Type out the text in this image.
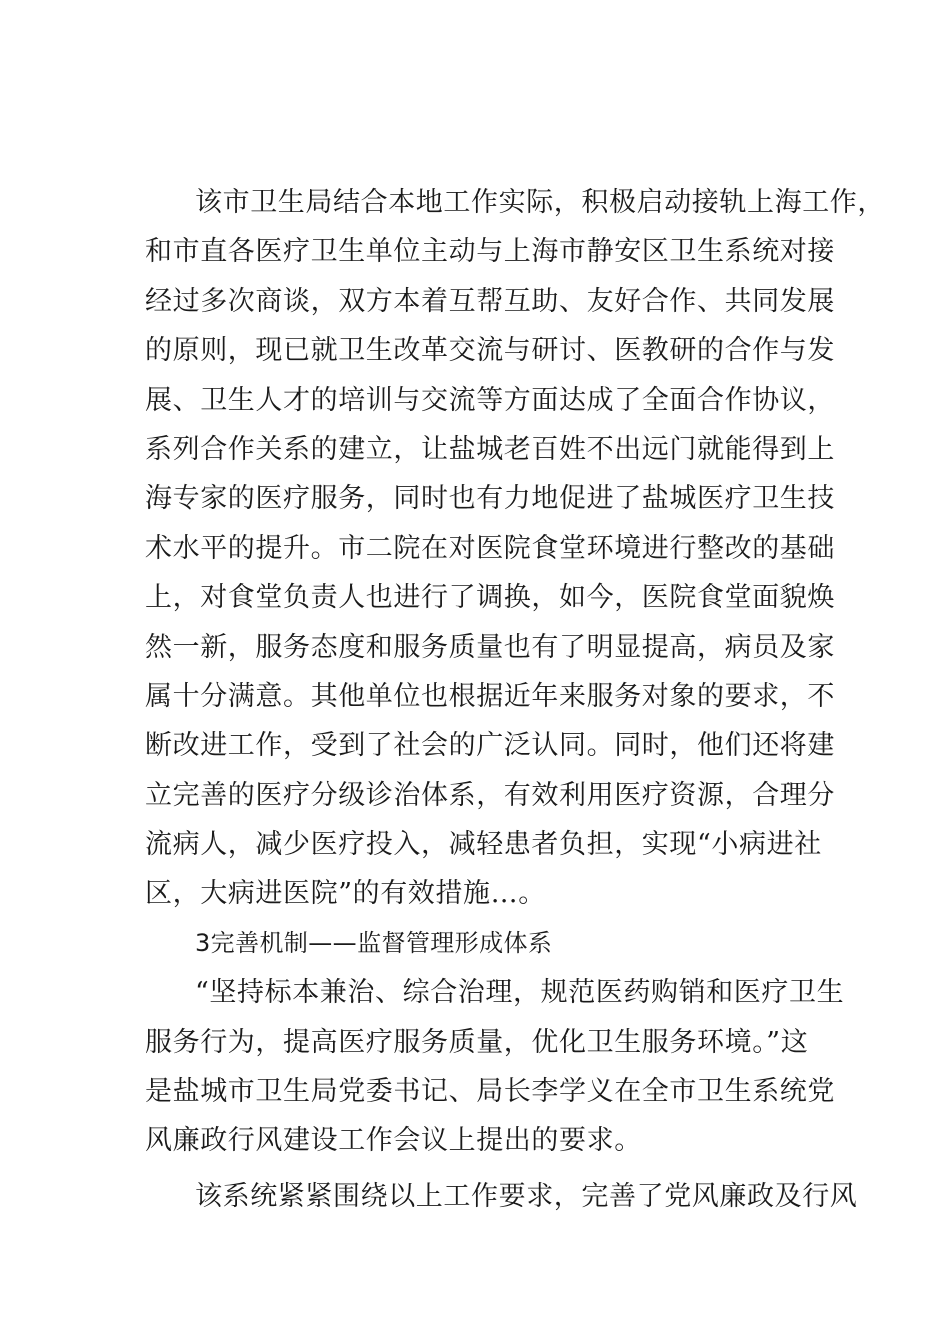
该市卫生局结合本地工作实际，积极启动接轨上海工作，
和市直各医疗卫生单位主动与上海市静安区卫生系统对接
经过多次商谈，双方本着互帮互助、友好合作、共同发展
的原则，现已就卫生改革交流与研讨、医教研的合作与发
展、卫生人才的培训与交流等方面达成了全面合作协议，
系列合作关系的建立，让盐城老百姓不出远门就能得到上
海专家的医疗服务，同时也有力地促进了盐城医疗卫生技
术水平的提升。市二院在对医院食堂环境进行整改的基础
上，对食堂负责人也进行了调换，如今，医院食堂面貌焕
然一新，服务态度和服务质量也有了明显提高，病员及家
属十分满意。其他单位也根据近年来服务对象的要求，不
断改进工作，受到了社会的广泛认同。同时，他们还将建
立完善的医疗分级诊治体系，有效利用医疗资源，合理分
流病人，减少医疗投入，减轻患者负担，实现“小病进社
区，大病进医院”的有效措施…。
3完善机制——监督管理形成体系
“坚持标本兼治、综合治理，规范医药购销和医疗卫生
服务行为，提高医疗服务质量，优化卫生服务环境。”这
是盐城市卫生局党委书记、局长李学义在全市卫生系统党
风廉政行风建设工作会议上提出的要求。
该系统紧紧围绕以上工作要求，完善了党风廉政及行风
